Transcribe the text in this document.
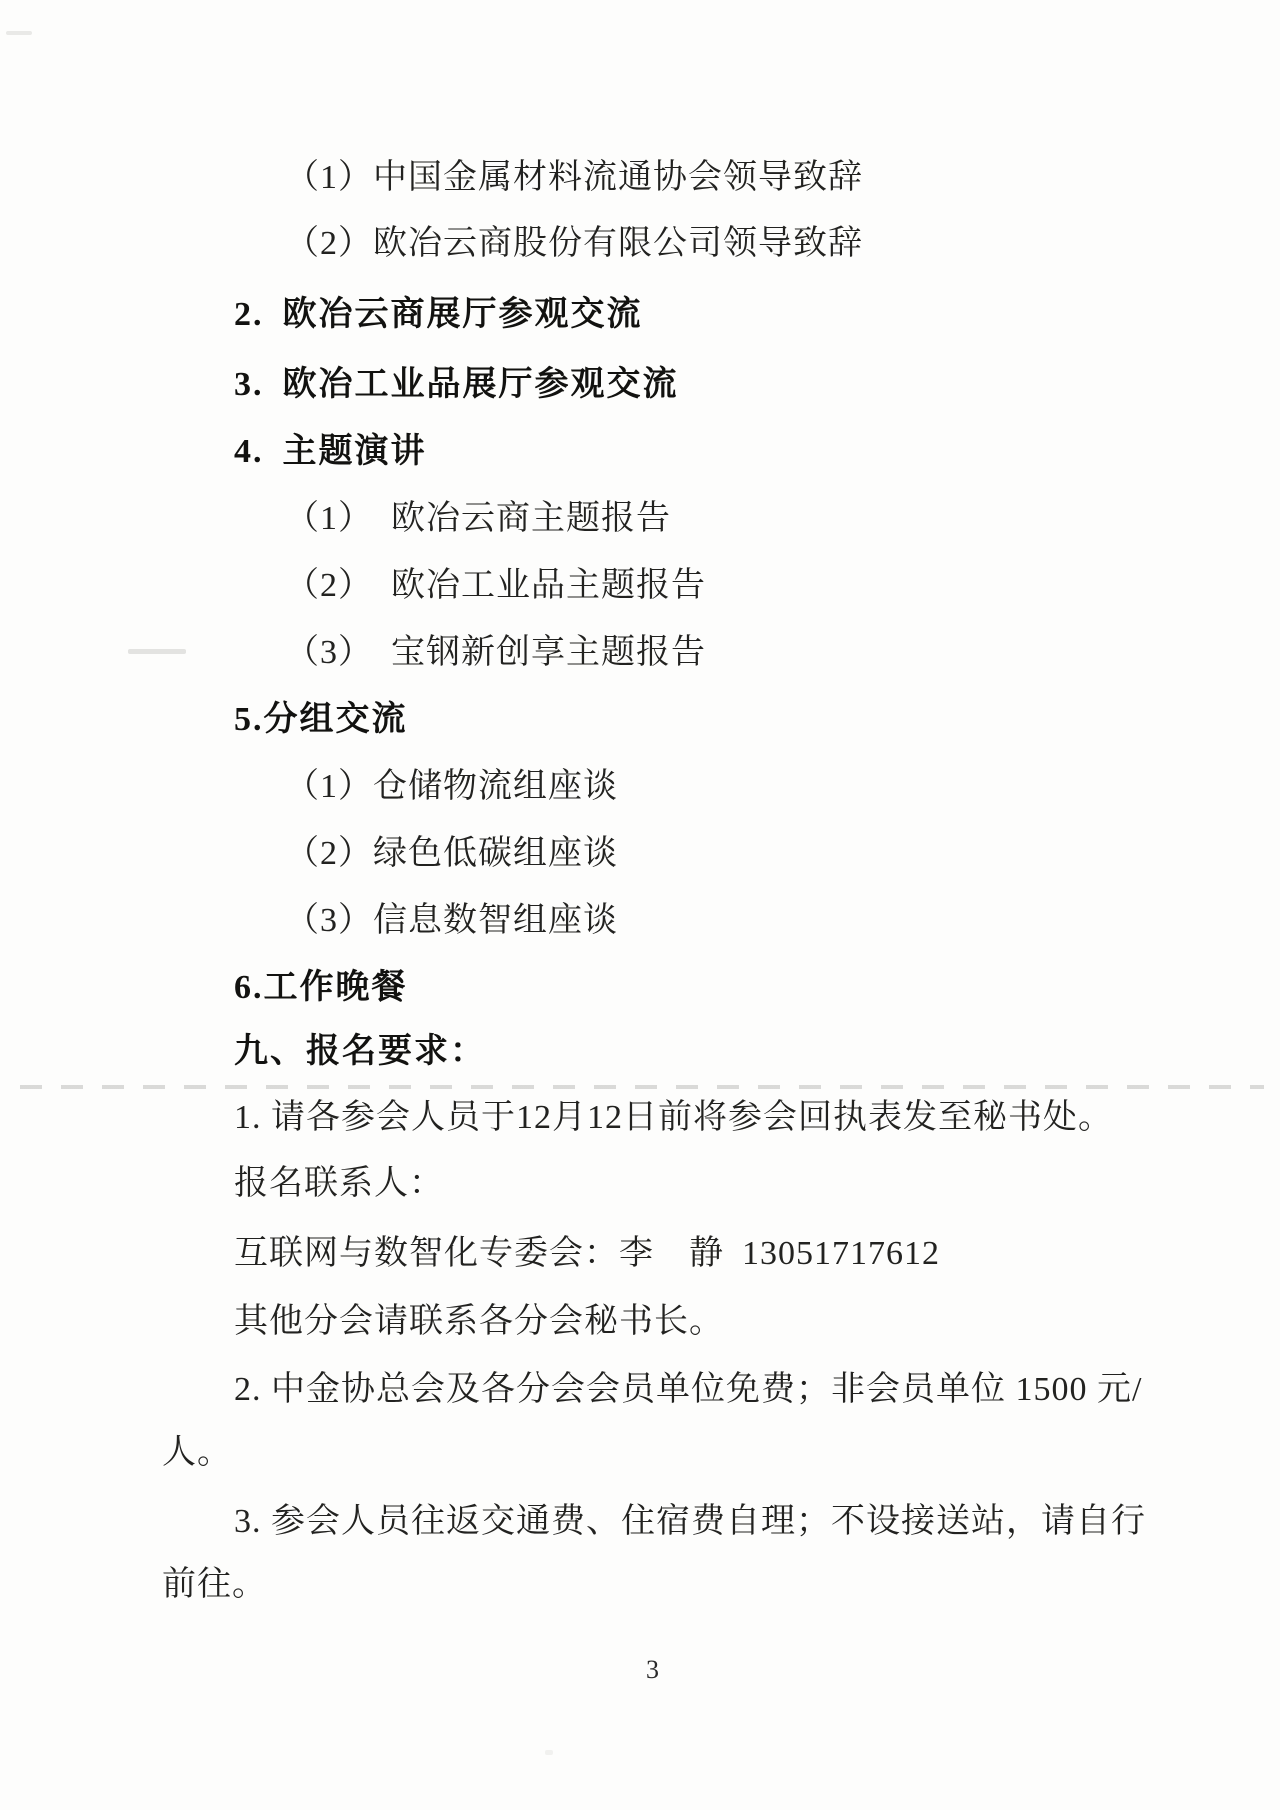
（1）中国金属材料流通协会领导致辞
（2）欧冶云商股份有限公司领导致辞
2. 欧冶云商展厅参观交流
3. 欧冶工业品展厅参观交流
4. 主题演讲
（1） 欧冶云商主题报告
（2） 欧冶工业品主题报告
（3） 宝钢新创享主题报告
5.分组交流
（1）仓储物流组座谈
（2）绿色低碳组座谈
（3）信息数智组座谈
6.工作晚餐
九、报名要求：
1. 请各参会人员于12月12日前将参会回执表发至秘书处。
报名联系人：
互联网与数智化专委会：李　静 13051717612
其他分会请联系各分会秘书长。
2. 中金协总会及各分会会员单位免费；非会员单位 1500 元/
人。
3. 参会人员往返交通费、住宿费自理；不设接送站，请自行
前往。
3
